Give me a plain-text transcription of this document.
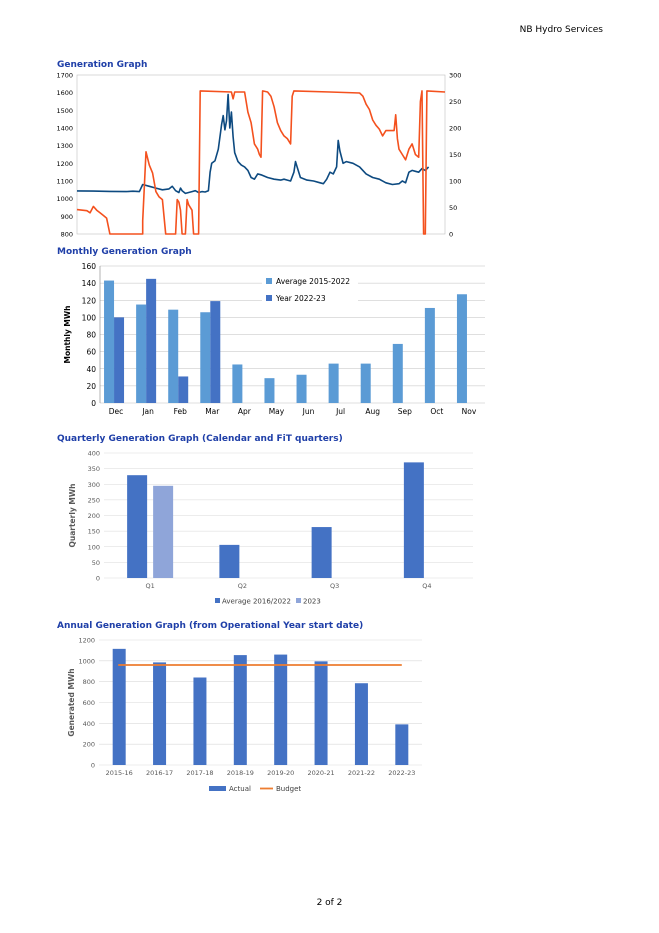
NB Hydro Services
Generation Graph
Monthly Generation Graph
Quarterly Generation Graph (Calendar and FiT quarters)
Annual Generation Graph (from Operational Year start date)
800
900
1000
1100
1200
1300
1400
1500
1600
1700
0
50
100
150
200
250
300
0
20
40
60
80
100
120
140
160
Dec	Jan	Feb Mar Apr May Jun	Jul	Aug Sep Oct Nov
Monthly MWh
Average 2015-2022
Year 2022-23
0
50
100
150
200
250
300
350
400
Q1	Q2	Q3	Q4
Quarterly MWh
Average 2016/2022 2023
0
200
400
600
800
1000
1200
2015-16 2016-17 2017-18 2018-19 2019-20 2020-21 2021-22 2022-23
Generated MWh
Actual	Budget
2 of 2
